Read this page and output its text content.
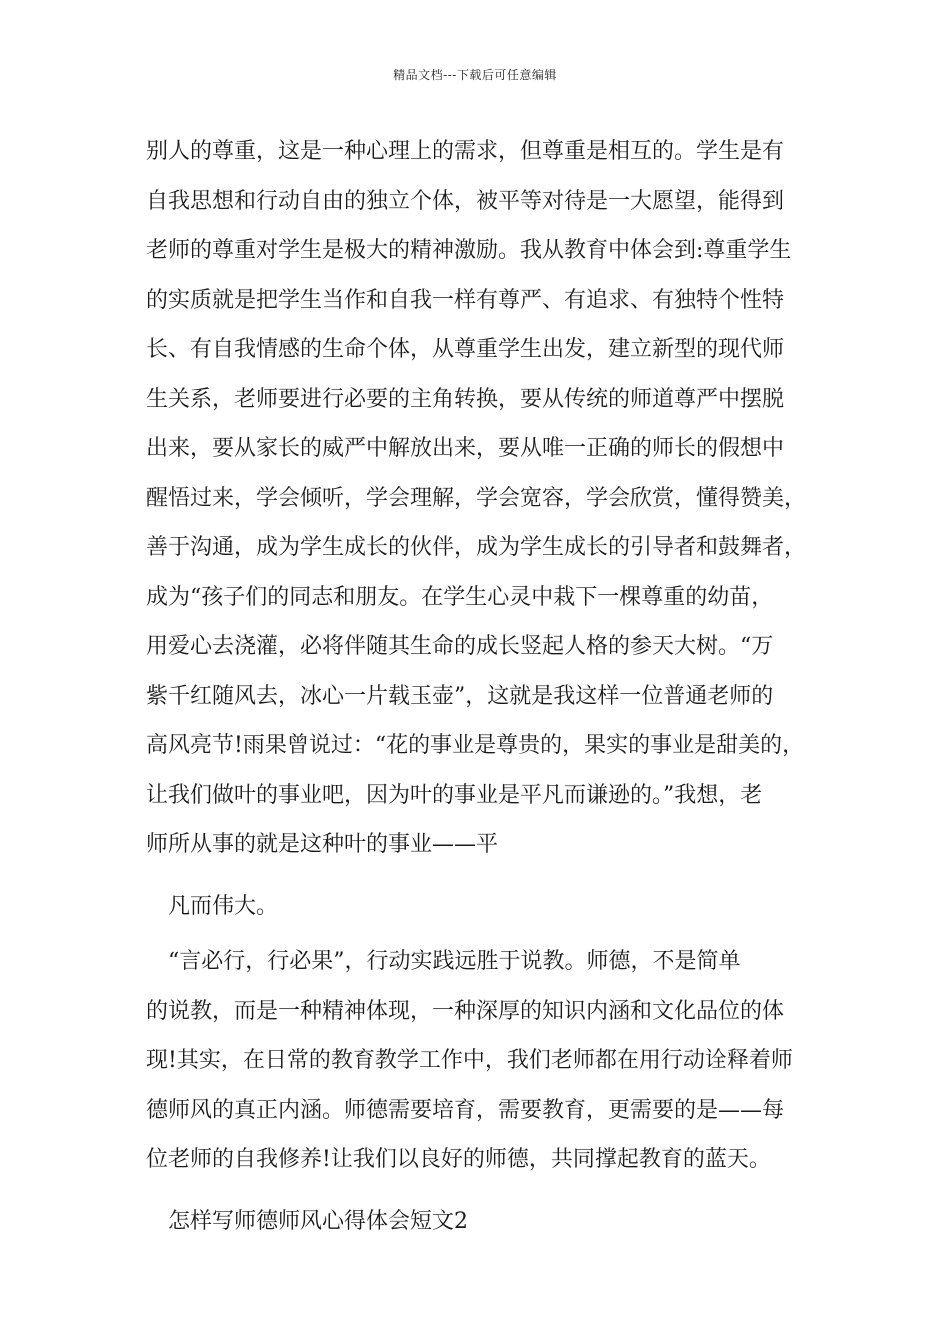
精品文档---下载后可任意编辑
别人的尊重，这是一种心理上的需求，但尊重是相互的。学生是有
自我思想和行动自由的独立个体，被平等对待是一大愿望，能得到
老师的尊重对学生是极大的精神激励。我从教育中体会到:尊重学生
的实质就是把学生当作和自我一样有尊严、有追求、有独特个性特
长、有自我情感的生命个体，从尊重学生出发，建立新型的现代师
生关系，老师要进行必要的主角转换，要从传统的师道尊严中摆脱
出来，要从家长的威严中解放出来，要从唯一正确的师长的假想中
醒悟过来，学会倾听，学会理解，学会宽容，学会欣赏，懂得赞美，
善于沟通，成为学生成长的伙伴，成为学生成长的引导者和鼓舞者，
成为“孩子们的同志和朋友。在学生心灵中栽下一棵尊重的幼苗，
用爱心去浇灌，必将伴随其生命的成长竖起人格的参天大树。“万
紫千红随风去，冰心一片载玉壶”，这就是我这样一位普通老师的
高风亮节!雨果曾说过：“花的事业是尊贵的，果实的事业是甜美的，
让我们做叶的事业吧，因为叶的事业是平凡而谦逊的。”我想，老
师所从事的就是这种叶的事业——平
凡而伟大。
“言必行，行必果”，行动实践远胜于说教。师德，不是简单
的说教，而是一种精神体现，一种深厚的知识内涵和文化品位的体
现!其实，在日常的教育教学工作中，我们老师都在用行动诠释着师
德师风的真正内涵。师德需要培育，需要教育，更需要的是——每
位老师的自我修养!让我们以良好的师德，共同撑起教育的蓝天。
怎样写师德师风心得体会短文2
